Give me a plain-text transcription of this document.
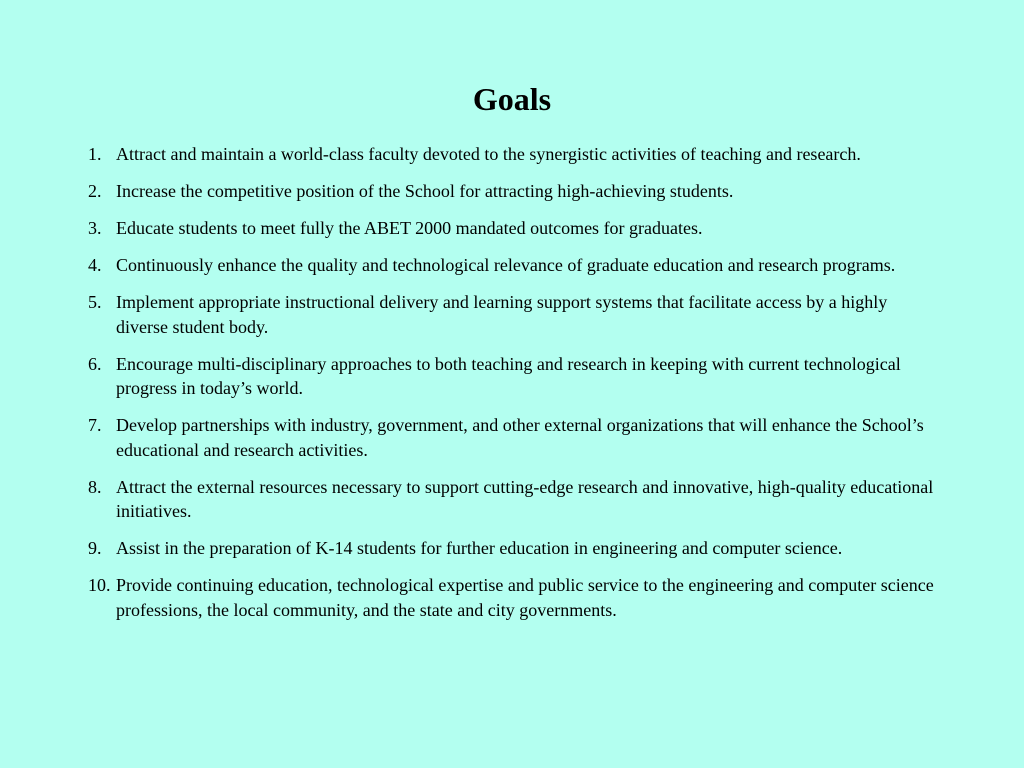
Goals
1. Attract and maintain a world-class faculty devoted to the synergistic activities of teaching and research.
2. Increase the competitive position of the School for attracting high-achieving students.
3. Educate students to meet fully the ABET 2000 mandated outcomes for graduates.
4. Continuously enhance the quality and technological relevance of graduate education and research programs.
5. Implement appropriate instructional delivery and learning support systems that facilitate access by a highly diverse student body.
6. Encourage multi-disciplinary approaches to both teaching and research in keeping with current technological progress in today’s world.
7. Develop partnerships with industry, government, and other external organizations that will enhance the School’s educational and research activities.
8. Attract the external resources necessary to support cutting-edge research and innovative, high-quality educational initiatives.
9. Assist in the preparation of K-14 students for further education in engineering and computer science.
10. Provide continuing education, technological expertise and public service to the engineering and computer science professions, the local community, and the state and city governments.
